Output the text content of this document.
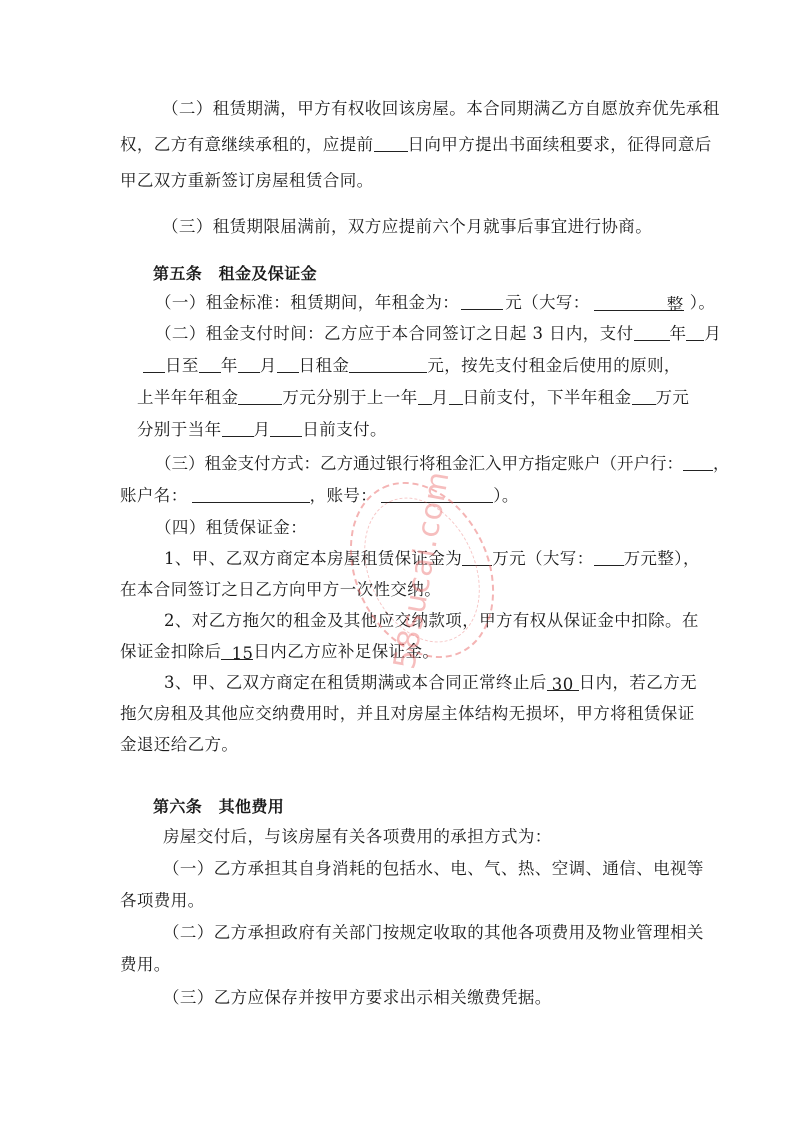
（二）租赁期满，甲方有权收回该房屋。本合同期满乙方自愿放弃优先承租
权，乙方有意继续承租的，应提前 日向甲方提出书面续租要求，征得同意后
甲乙双方重新签订房屋租赁合同。
（三）租赁期限届满前，双方应提前六个月就事后事宜进行协商。
第五条　租金及保证金
（一）租金标准：租赁期间，年租金为：	元（大写：	整 ）。
（二）租金支付时间：乙方应于本合同签订之日起 3 日内，支付 年 月
日至 年 月 日租金	元，按先支付租金后使用的原则，
上半年年租金	万元分别于上一年 月 日前支付，下半年租金 万元
分别于当年 月 日前支付。
（三）租金支付方式：乙方通过银行将租金汇入甲方指定账户（开户行： ，
账户名：	，账号：	）。
（四）租赁保证金：
1、甲、乙双方商定本房屋租赁保证金为 万元（大写： 万元整），
在本合同签订之日乙方向甲方一次性交纳。
2、对乙方拖欠的租金及其他应交纳款项，甲方有权从保证金中扣除。在
保证金扣除后 15日内乙方应补足保证金。
3、甲、乙双方商定在租赁期满或本合同正常终止后 30 日内，若乙方无
拖欠房租及其他应交纳费用时，并且对房屋主体结构无损坏，甲方将租赁保证
金退还给乙方。
第六条　其他费用
房屋交付后，与该房屋有关各项费用的承担方式为：
（一）乙方承担其自身消耗的包括水、电、气、热、空调、通信、电视等
各项费用。
（二）乙方承担政府有关部门按规定收取的其他各项费用及物业管理相关
费用。
（三）乙方应保存并按甲方要求出示相关缴费凭据。
58sucai.com
